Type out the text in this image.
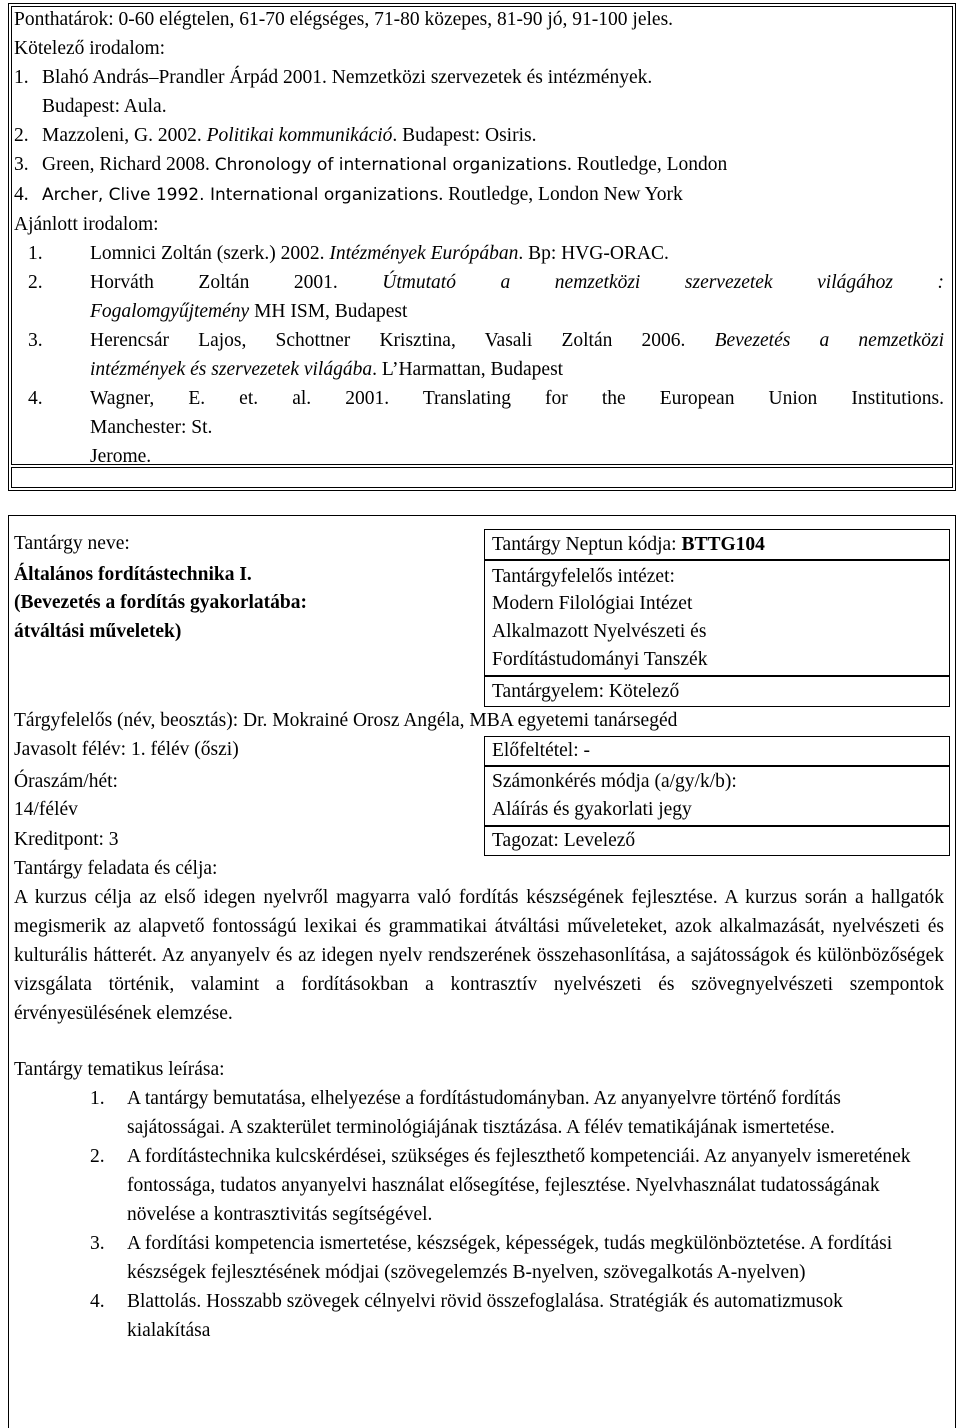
Ponthatárok: 0-60 elégtelen, 61-70 elégséges, 71-80 közepes, 81-90 jó, 91-100 jeles.
Kötelező irodalom:
1. Blahó András–Prandler Árpád 2001. Nemzetközi szervezetek és intézmények.
Budapest: Aula.
2. Mazzoleni, G. 2002. Politikai kommunikáció. Budapest: Osiris.
3. Green, Richard 2008. Chronology of international organizations. Routledge, London
4. Archer, Clive 1992. International organizations. Routledge, London New York
Ajánlott irodalom:
1. Lomnici Zoltán (szerk.) 2002. Intézmények Európában. Bp: HVG-ORAC.
2. Horváth Zoltán 2001. Útmutató a nemzetközi szervezetek világához :
Fogalomgyűjtemény MH ISM, Budapest
3. Herencsár Lajos, Schottner Krisztina, Vasali Zoltán 2006. Bevezetés a nemzetközi
intézmények és szervezetek világába. L’Harmattan, Budapest
4. Wagner, E. et. al. 2001. Translating for the European Union Institutions.
Manchester: St.
Jerome.
Tantárgy neve:
Általános fordítástechnika I.
(Bevezetés a fordítás gyakorlatába:
átváltási műveletek)
Tantárgy Neptun kódja: BTTG104
Tantárgyfelelős intézet:
Modern Filológiai Intézet
Alkalmazott Nyelvészeti és
Fordítástudományi Tanszék
Tantárgyelem: Kötelező
Tárgyfelelős (név, beosztás): Dr. Mokrainé Orosz Angéla, MBA egyetemi tanársegéd
Javasolt félév: 1. félév (őszi)	Előfeltétel: -
Óraszám/hét:
14/félév
Számonkérés módja (a/gy/k/b):
Aláírás és gyakorlati jegy
Kreditpont: 3	Tagozat: Levelező
Tantárgy feladata és célja:
A kurzus célja az első idegen nyelvről magyarra való fordítás készségének fejlesztése. A kurzus során a hallgatók megismerik az alapvető fontosságú lexikai és grammatikai átváltási műveleteket, azok alkalmazását, nyelvészeti és kulturális hátterét. Az anyanyelv és az idegen nyelv rendszerének összehasonlítása, a sajátosságok és különbözőségek vizsgálata történik, valamint a fordításokban a kontrasztív nyelvészeti és szövegnyelvészeti szempontok érvényesülésének elemzése.
Tantárgy tematikus leírása:
1. A tantárgy bemutatása, elhelyezése a fordítástudományban. Az anyanyelvre történő fordítás sajátosságai. A szakterület terminológiájának tisztázása. A félév tematikájának ismertetése.
2. A fordítástechnika kulcskérdései, szükséges és fejleszthető kompetenciái. Az anyanyelv ismeretének fontossága, tudatos anyanyelvi használat elősegítése, fejlesztése. Nyelvhasználat tudatosságának növelése a kontrasztivitás segítségével.
3. A fordítási kompetencia ismertetése, készségek, képességek, tudás megkülönböztetése. A fordítási készségek fejlesztésének módjai (szövegelemzés B-nyelven, szövegalkotás A-nyelven)
4. Blattolás. Hosszabb szövegek célnyelvi rövid összefoglalása. Stratégiák és automatizmusok kialakítása
